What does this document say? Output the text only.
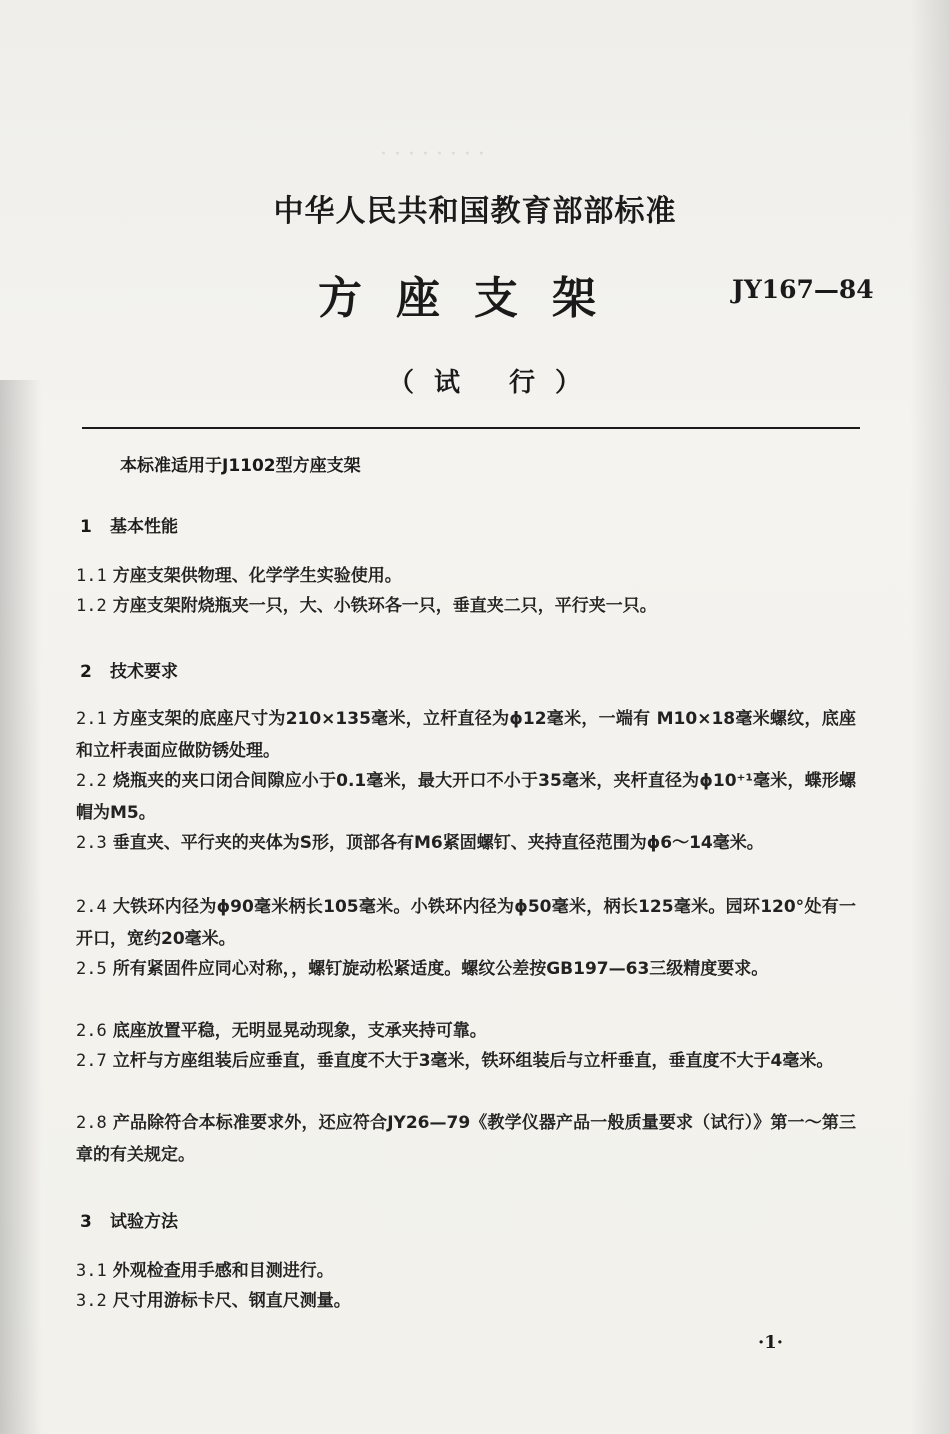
· · · · · · · ·
中华人民共和国教育部部标准
方座支架	JY167—84
（试 行）
本标准适用于J1102型方座支架
1 基本性能
1.1 方座支架供物理、化学学生实验使用。
1.2 方座支架附烧瓶夹一只，大、小铁环各一只，垂直夹二只，平行夹一只。
2 技术要求
2.1 方座支架的底座尺寸为210×135毫米，立杆直径为ϕ12毫米，一端有 M10×18毫米螺纹，底座和立杆表面应做防锈处理。
2.2 烧瓶夹的夹口闭合间隙应小于0.1毫米，最大开口不小于35毫米，夹杆直径为ϕ10⁺¹毫米，蝶形螺帽为M5。
2.3 垂直夹、平行夹的夹体为S形，顶部各有M6紧固螺钉、夹持直径范围为ϕ6～14毫米。
2.4 大铁环内径为ϕ90毫米柄长105毫米。小铁环内径为ϕ50毫米，柄长125毫米。园环120°处有一开口，宽约20毫米。
2.5 所有紧固件应同心对称，，螺钉旋动松紧适度。螺纹公差按GB197—63三级精度要求。
2.6 底座放置平稳，无明显晃动现象，支承夹持可靠。
2.7 立杆与方座组装后应垂直，垂直度不大于3毫米，铁环组装后与立杆垂直，垂直度不大于4毫米。
2.8 产品除符合本标准要求外，还应符合JY26—79《教学仪器产品一般质量要求（试行）》第一～第三章的有关规定。
3 试验方法
3.1 外观检查用手感和目测进行。
3.2 尺寸用游标卡尺、钢直尺测量。
·1·
